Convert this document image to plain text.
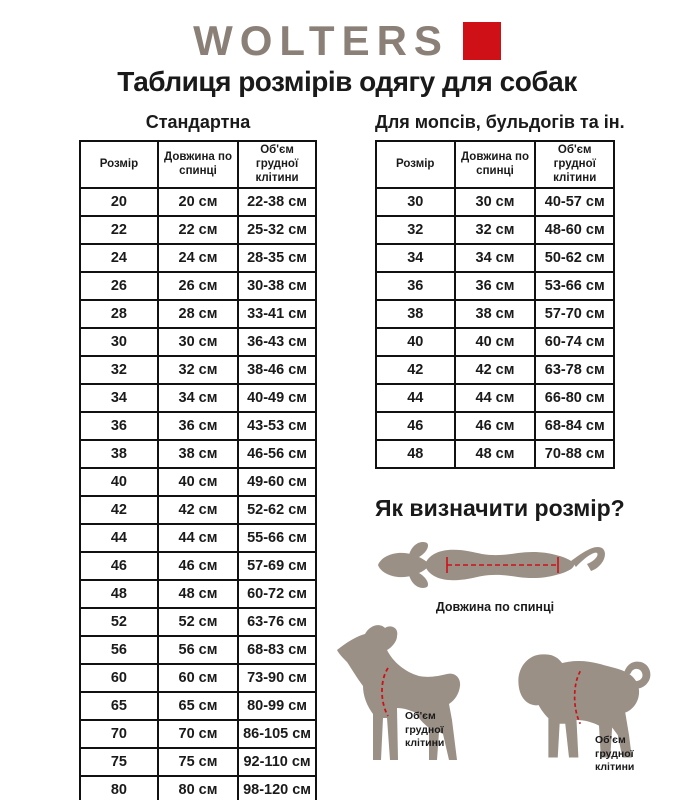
WOLTERS
Таблиця розмірів одягу для собак
Стандартна
Розмір	Довжина по спинці	Об'єм грудної клітини
20	20 см	22-38 см
22	22 см	25-32 см
24	24 см	28-35 см
26	26 см	30-38 см
28	28 см	33-41 см
30	30 см	36-43 см
32	32 см	38-46 см
34	34 см	40-49 см
36	36 см	43-53 см
38	38 см	46-56 см
40	40 см	49-60 см
42	42 см	52-62 см
44	44 см	55-66 см
46	46 см	57-69 см
48	48 см	60-72 см
52	52 см	63-76 см
56	56 см	68-83 см
60	60 см	73-90 см
65	65 см	80-99 см
70	70 см	86-105 см
75	75 см	92-110 см
80	80 см	98-120 см
Для мопсів, бульдогів та ін.
Розмір	Довжина по спинці	Об'єм грудної клітини
30	30 см	40-57 см
32	32 см	48-60 см
34	34 см	50-62 см
36	36 см	53-66 см
38	38 см	57-70 см
40	40 см	60-74 см
42	42 см	63-78 см
44	44 см	66-80 см
46	46 см	68-84 см
48	48 см	70-88 см
Як визначити розмір?
Довжина по спинці
Об'єм грудної клітини	Об'єм грудної клітини
